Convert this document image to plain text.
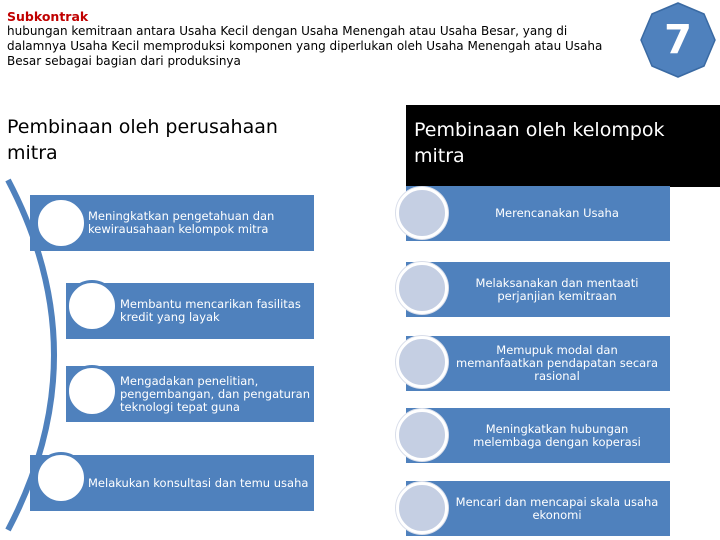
Subkontrak
hubungan kemitraan antara Usaha Kecil dengan Usaha Menengah atau Usaha Besar, yang di dalamnya Usaha Kecil memproduksi komponen yang diperlukan oleh Usaha Menengah atau Usaha Besar sebagai bagian dari produksinya	7
Pembinaan oleh perusahaan mitra
Pembinaan oleh kelompok mitra
Meningkatkan pengetahuan dan kewirausahaan kelompok mitra
Membantu mencarikan fasilitas kredit yang layak
Mengadakan penelitian, pengembangan, dan pengaturan teknologi tepat guna
Melakukan konsultasi dan temu usaha
Merencanakan Usaha
Melaksanakan dan mentaati perjanjian kemitraan
Memupuk modal dan memanfaatkan pendapatan secara rasional
Meningkatkan hubungan melembaga dengan koperasi
Mencari dan mencapai skala usaha ekonomi
